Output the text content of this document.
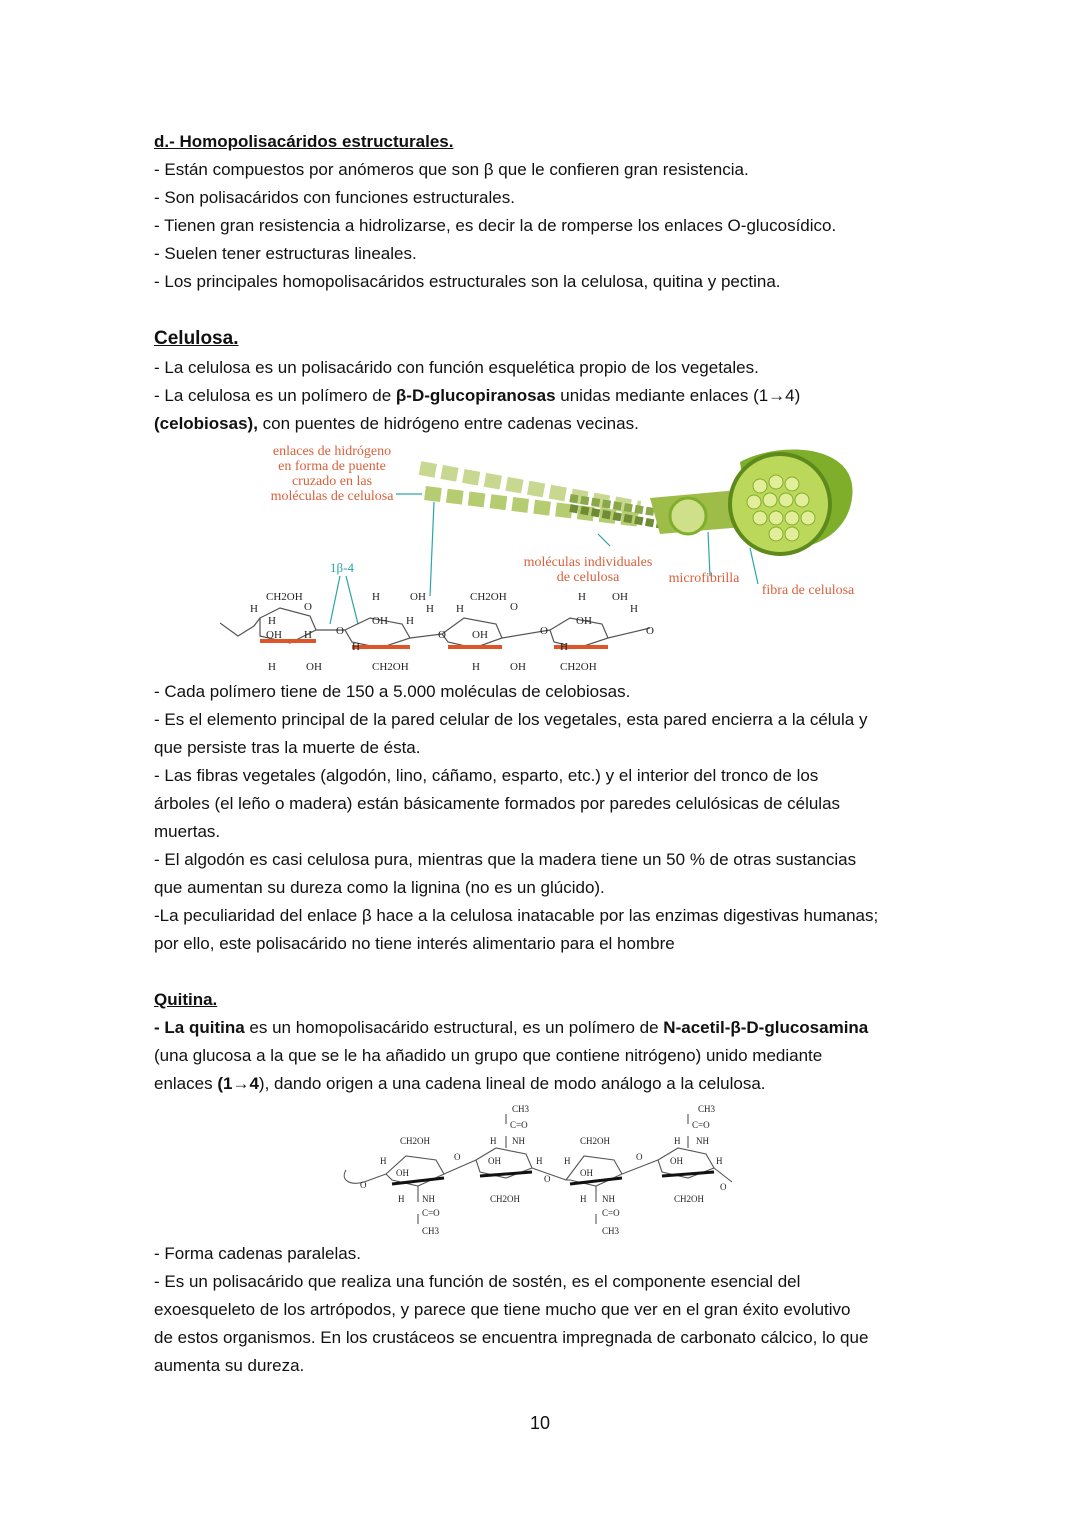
d.- Homopolisacáridos estructurales.
- Están compuestos por anómeros que son β que le confieren gran resistencia.
- Son polisacáridos con funciones estructurales.
- Tienen gran resistencia a hidrolizarse, es decir la de romperse los enlaces O-glucosídico.
- Suelen tener estructuras lineales.
- Los principales homopolisacáridos estructurales son la celulosa, quitina y pectina.
Celulosa.
- La celulosa es un polisacárido con función esquelética propio de los vegetales.
- La celulosa es un polímero de β-D-glucopiranosas unidas mediante enlaces (1→4)
(celobiosas), con puentes de hidrógeno entre cadenas vecinas.
enlaces de hidrógeno
en forma de puente
cruzado en las
moléculas de celulosa
moléculas individuales
de celulosa	microfibrilla
fibra de celulosa
1β-4
CH2OH	CH2OH
CH2OH	CH2OH
OH
OH
OH
OH
OH
OH
OH	OH
H
H
H
H
H
H
H H
H
H
H
H	H
O
O
O
O
O	O
- Cada polímero tiene de 150 a 5.000 moléculas de celobiosas.
- Es el elemento principal de la pared celular de los vegetales, esta pared encierra a la célula y
que persiste tras la muerte de ésta.
- Las fibras vegetales (algodón, lino, cáñamo, esparto, etc.) y el interior del tronco de los
árboles (el leño o madera) están básicamente formados por paredes celulósicas de células
muertas.
- El algodón es casi celulosa pura, mientras que la madera tiene un 50 % de otras sustancias
que aumentan su dureza como la lignina (no es un glúcido).
-La peculiaridad del enlace β hace a la celulosa inatacable por las enzimas digestivas humanas;
por ello, este polisacárido no tiene interés alimentario para el hombre
Quitina.
- La quitina es un homopolisacárido estructural, es un polímero de N-acetil-β-D-glucosamina
(una glucosa a la que se le ha añadido un grupo que contiene nitrógeno) unido mediante
enlaces (1→4), dando origen a una cadena lineal de modo análogo a la celulosa.
CH2OH	CH2OH
CH2OH	CH2OH
CH3	CH3
CH3	CH3
C=O	C=O
C=O	C=O
NH	NH
NH	NH
OH
OH
OH
OH
H
H
H
H H
H
H
H
O
O
O
O
O
- Forma cadenas paralelas.
- Es un polisacárido que realiza una función de sostén, es el componente esencial del
exoesqueleto de los artrópodos, y parece que tiene mucho que ver en el gran éxito evolutivo
de estos organismos. En los crustáceos se encuentra impregnada de carbonato cálcico, lo que
aumenta su dureza.
10
